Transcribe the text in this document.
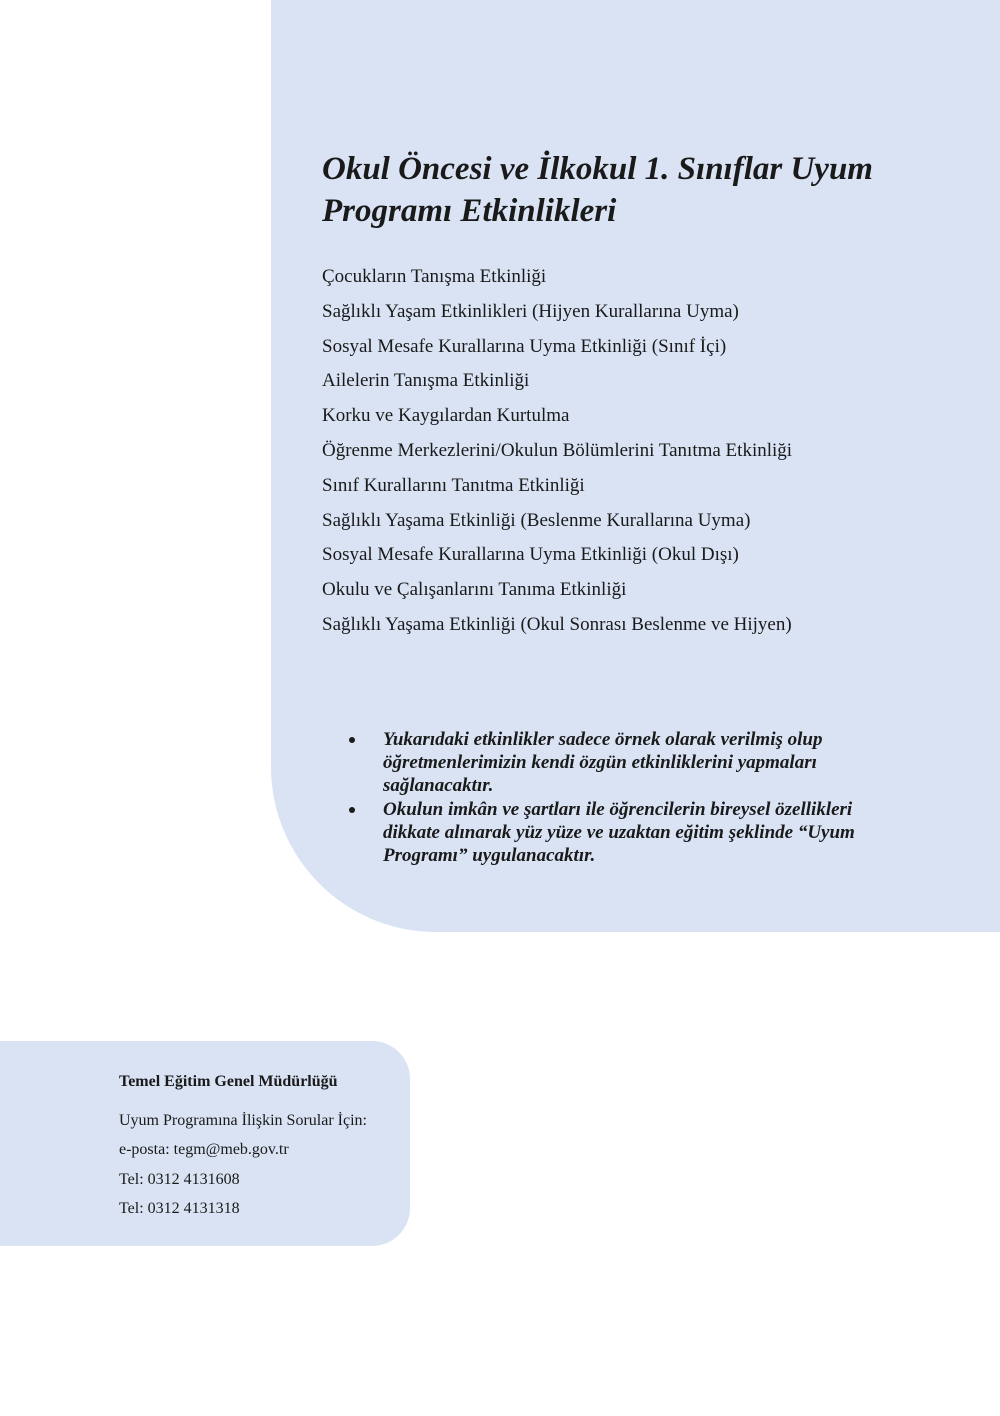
Okul Öncesi ve İlkokul 1. Sınıflar Uyum Programı Etkinlikleri
Çocukların Tanışma Etkinliği
Sağlıklı Yaşam Etkinlikleri (Hijyen Kurallarına Uyma)
Sosyal Mesafe Kurallarına Uyma Etkinliği (Sınıf İçi)
Ailelerin Tanışma Etkinliği
Korku ve Kaygılardan Kurtulma
Öğrenme Merkezlerini/Okulun Bölümlerini Tanıtma Etkinliği
Sınıf Kurallarını Tanıtma Etkinliği
Sağlıklı Yaşama Etkinliği (Beslenme Kurallarına Uyma)
Sosyal Mesafe Kurallarına Uyma Etkinliği (Okul Dışı)
Okulu ve Çalışanlarını Tanıma Etkinliği
Sağlıklı Yaşama Etkinliği (Okul Sonrası Beslenme ve Hijyen)
Yukarıdaki etkinlikler sadece örnek olarak verilmiş olup öğretmenlerimizin kendi özgün etkinliklerini yapmaları sağlanacaktır.
Okulun imkân ve şartları ile öğrencilerin bireysel özellikleri dikkate alınarak yüz yüze ve uzaktan eğitim şeklinde “Uyum Programı” uygulanacaktır.

Temel Eğitim Genel Müdürlüğü

Uyum Programına İlişkin Sorular İçin:
e-posta: tegm@meb.gov.tr
Tel: 0312 4131608
Tel: 0312 4131318
